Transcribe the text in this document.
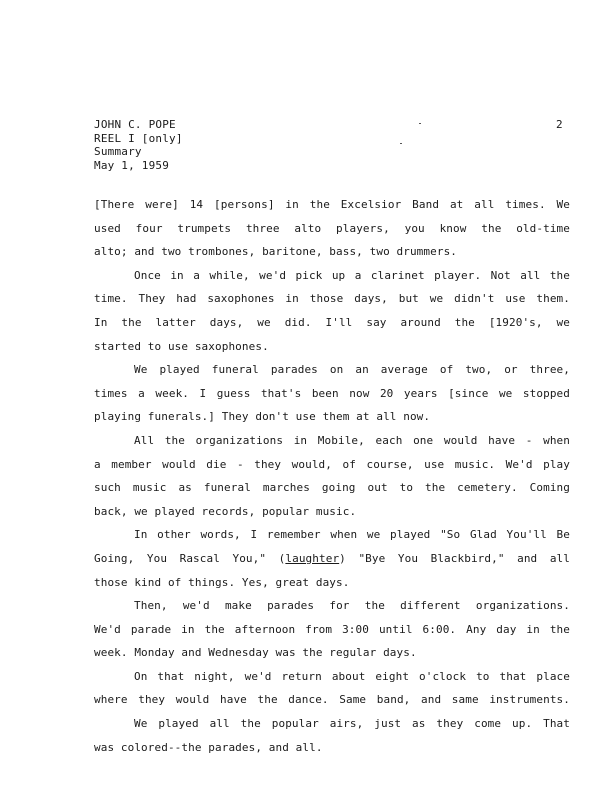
JOHN C. POPE
REEL I [only]
Summary
May 1, 1959
2
[There were] 14 [persons] in the Excelsior Band at all times. We
used four trumpets three alto players, you know the old-time
alto; and two trombones, baritone, bass, two drummers.
Once in a while, we'd pick up a clarinet player. Not all the
time. They had saxophones in those days, but we didn't use them.
In the latter days, we did. I'll say around the [1920's, we
started to use saxophones.
We played funeral parades on an average of two, or three,
times a week. I guess that's been now 20 years [since we stopped
playing funerals.] They don't use them at all now.
All the organizations in Mobile, each one would have - when
a member would die - they would, of course, use music. We'd play
such music as funeral marches going out to the cemetery. Coming
back, we played records, popular music.
In other words, I remember when we played "So Glad You'll Be
Going, You Rascal You," (laughter) "Bye You Blackbird," and all
those kind of things. Yes, great days.
Then, we'd make parades for the different organizations.
We'd parade in the afternoon from 3:00 until 6:00. Any day in the
week. Monday and Wednesday was the regular days.
On that night, we'd return about eight o'clock to that place
where they would have the dance. Same band, and same instruments.
We played all the popular airs, just as they come up. That
was colored--the parades, and all.
